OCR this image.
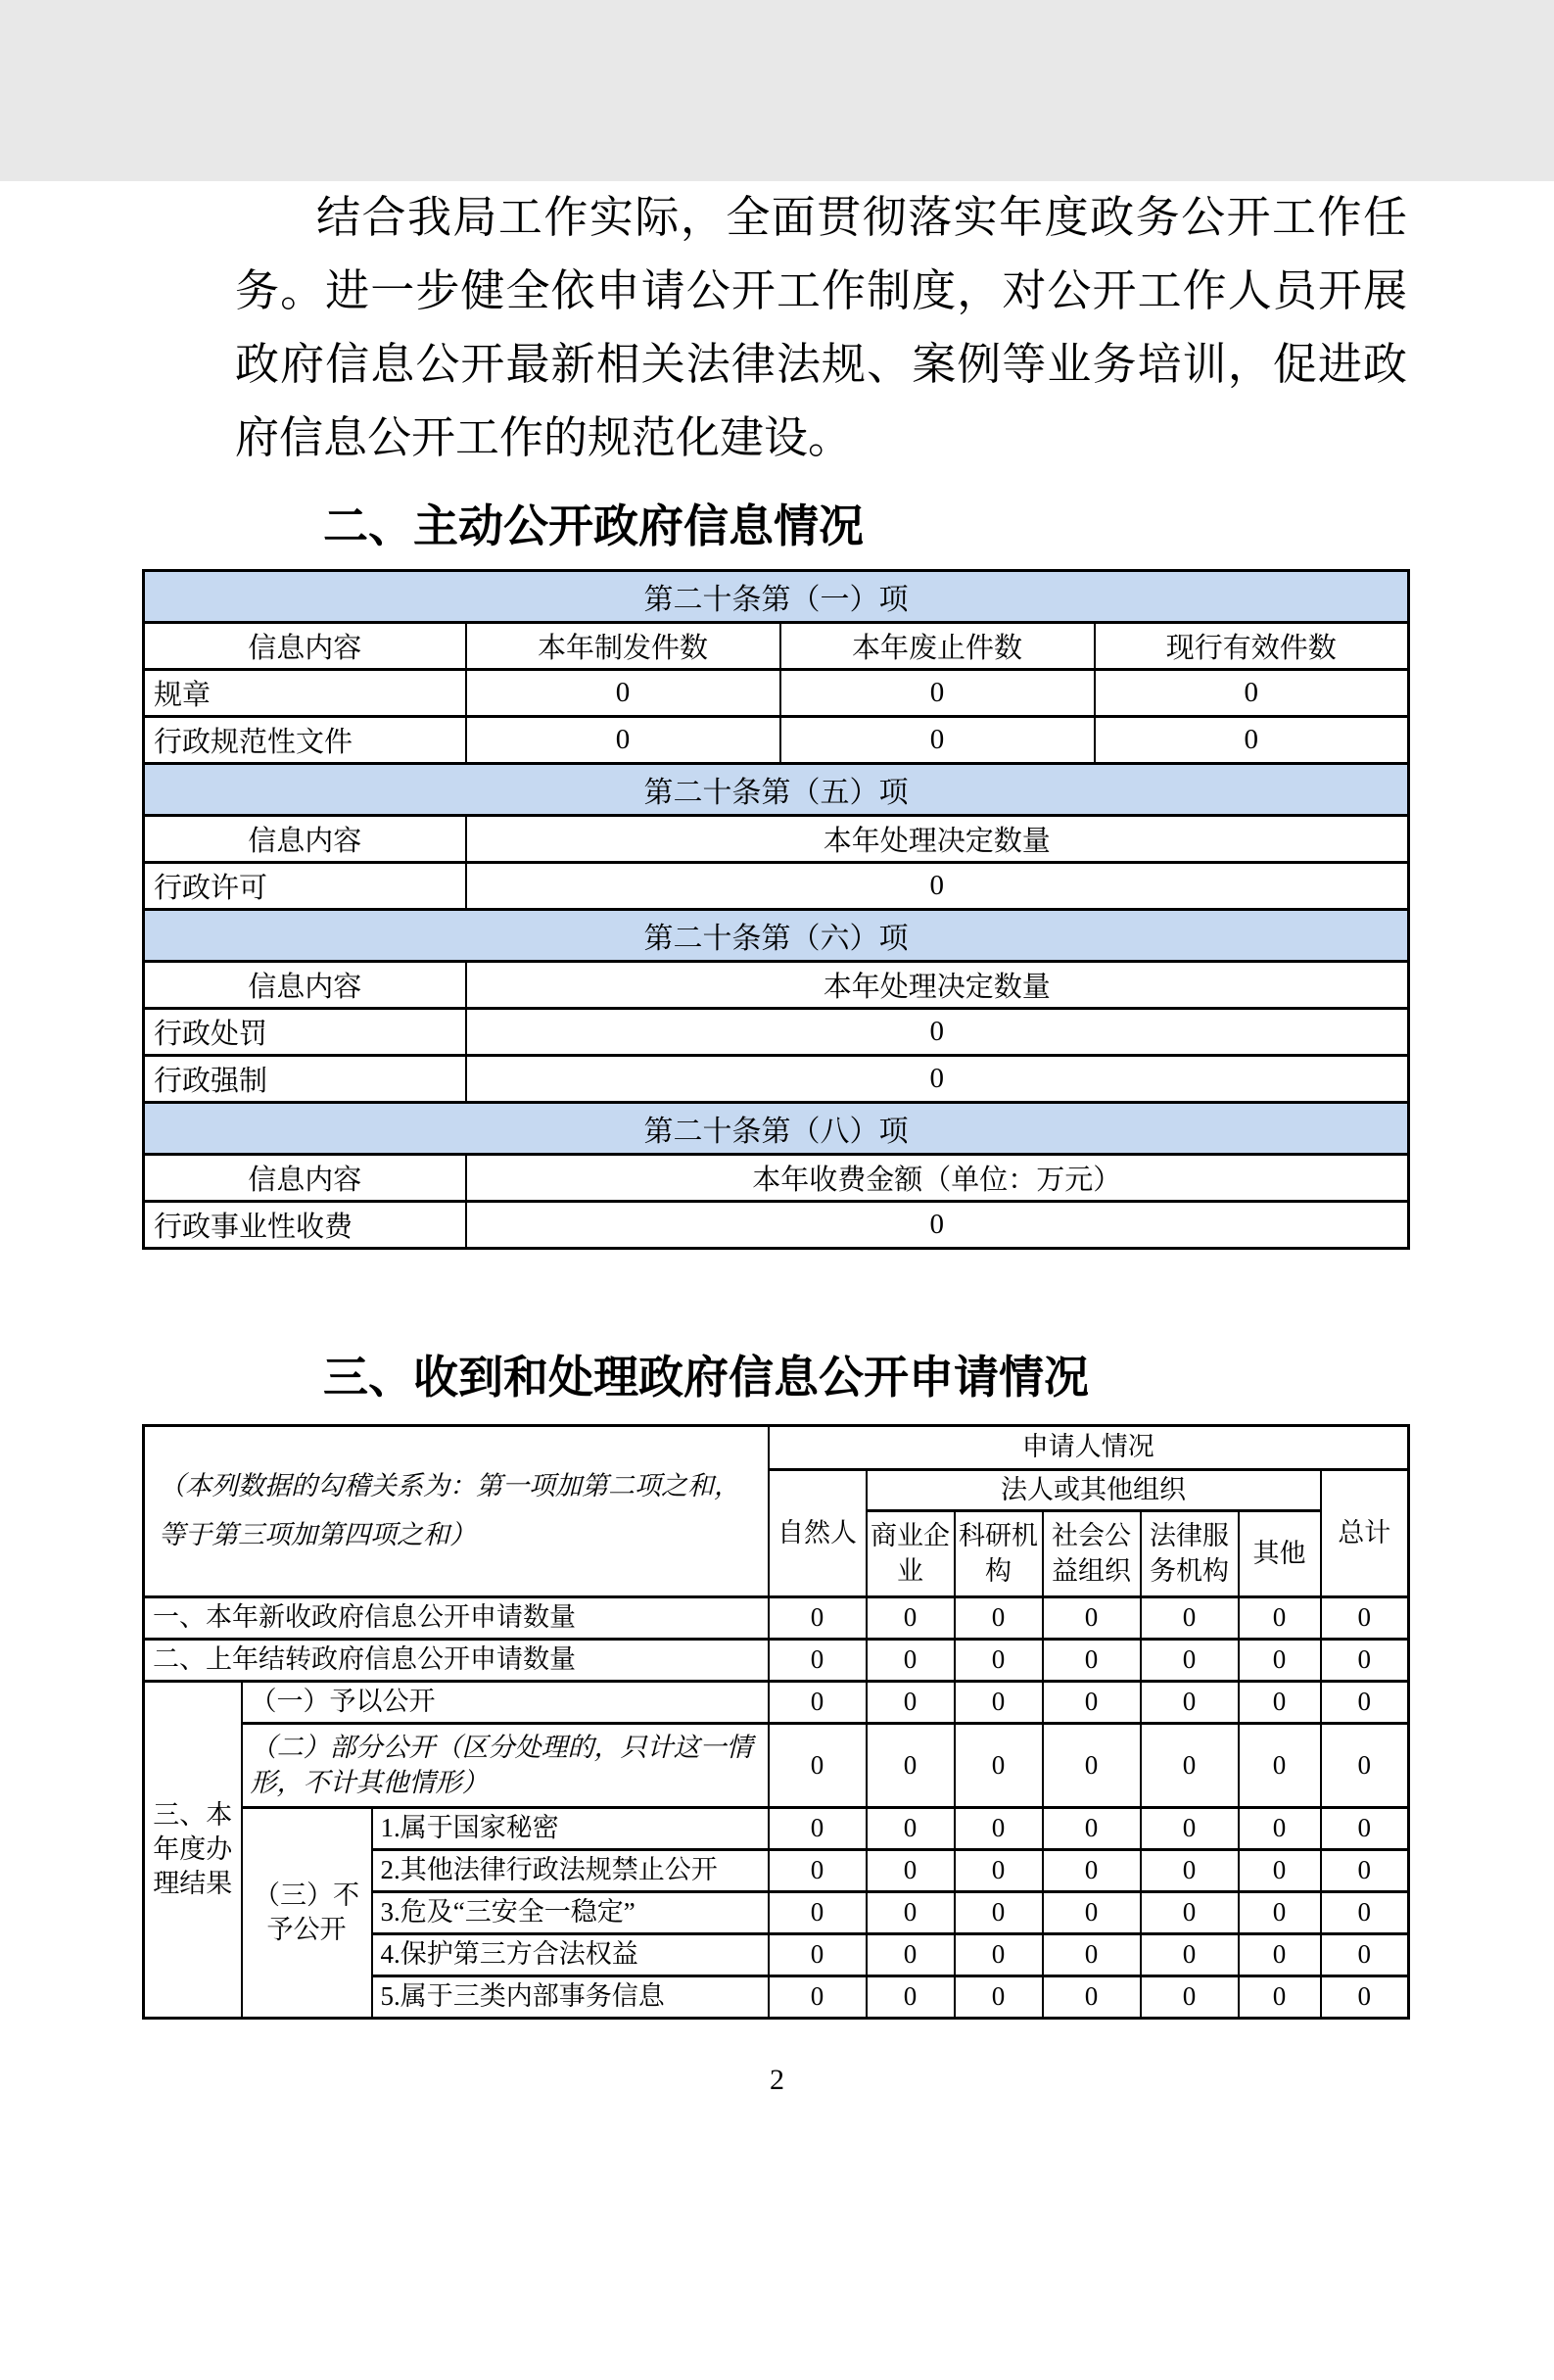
结合我局工作实际，全面贯彻落实年度政务公开工作任务。进一步健全依申请公开工作制度，对公开工作人员开展政府信息公开最新相关法律法规、案例等业务培训，促进政府信息公开工作的规范化建设。

二、主动公开政府信息情况
第二十条第（一）项			
信息内容	本年制发件数	本年废止件数	现行有效件数
规章	0	0	0
行政规范性文件	0	0	0
第二十条第（五）项			
信息内容	本年处理决定数量		
行政许可	0		
第二十条第（六）项			
信息内容	本年处理决定数量		
行政处罚	0		
行政强制	0		
第二十条第（八）项			
信息内容	本年收费金额（单位：万元）		
行政事业性收费	0		
三、收到和处理政府信息公开申请情况
（本列数据的勾稽关系为：第一项加第二项之和，等于第三项加第四项之和）			申请人情况						
			自然人	法人或其他组织					总计
				商业企业	科研机构	社会公益组织	法律服务机构	其他	
一、本年新收政府信息公开申请数量			0	0	0	0	0	0	0
二、上年结转政府信息公开申请数量			0	0	0	0	0	0	0
三、本年度办理结果	（一）予以公开		0	0	0	0	0	0	0
	（二）部分公开（区分处理的，只计这一情形，不计其他情形）		0	0	0	0	0	0	0
	（三）不予公开	1.属于国家秘密	0	0	0	0	0	0	0
		2.其他法律行政法规禁止公开	0	0	0	0	0	0	0
		3.危及“三安全一稳定”	0	0	0	0	0	0	0
		4.保护第三方合法权益	0	0	0	0	0	0	0
		5.属于三类内部事务信息	0	0	0	0	0	0	0
2
